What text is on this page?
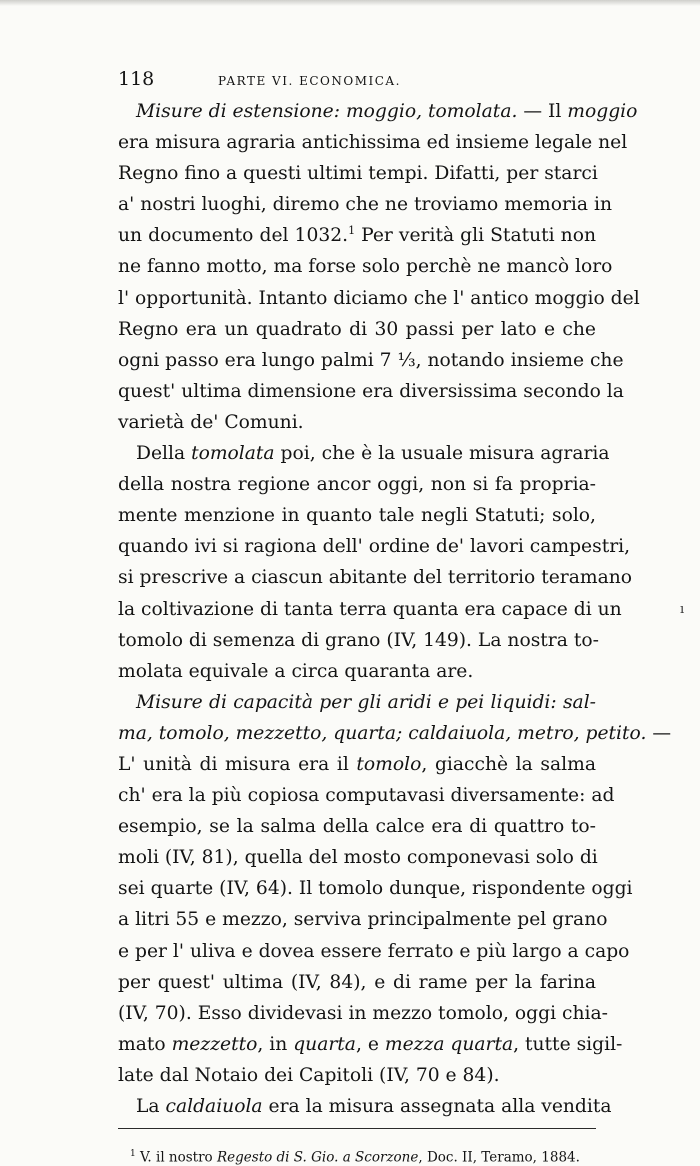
118	PARTE VI. ECONOMICA.
Misure di estensione: moggio, tomolata. — Il moggio
era misura agraria antichissima ed insieme legale nel
Regno fino a questi ultimi tempi. Difatti, per starci
a' nostri luoghi, diremo che ne troviamo memoria in
un documento del 1032.$^1$ Per verità gli Statuti non
ne fanno motto, ma forse solo perchè ne mancò loro
l' opportunità. Intanto diciamo che l' antico moggio del
Regno era un quadrato di 30 passi per lato e che
ogni passo era lungo palmi 7 ⅓, notando insieme che
quest' ultima dimensione era diversissima secondo la
varietà de' Comuni.
Della tomolata poi, che è la usuale misura agraria
della nostra regione ancor oggi, non si fa propria-
mente menzione in quanto tale negli Statuti; solo,
quando ivi si ragiona dell' ordine de' lavori campestri,
si prescrive a ciascun abitante del territorio teramano
la coltivazione di tanta terra quanta era capace di un
tomolo di semenza di grano (IV, 149). La nostra to-
molata equivale a circa quaranta are.
Misure di capacità per gli aridi e pei liquidi: sal-
ma, tomolo, mezzetto, quarta; caldaiuola, metro, petito. —
L' unità di misura era il tomolo, giacchè la salma
ch' era la più copiosa computavasi diversamente: ad
esempio, se la salma della calce era di quattro to-
moli (IV, 81), quella del mosto componevasi solo di
sei quarte (IV, 64). Il tomolo dunque, rispondente oggi
a litri 55 e mezzo, serviva principalmente pel grano
e per l' uliva e dovea essere ferrato e più largo a capo
per quest' ultima (IV, 84), e di rame per la farina
(IV, 70). Esso dividevasi in mezzo tomolo, oggi chia-
mato mezzetto, in quarta, e mezza quarta, tutte sigil-
late dal Notaio dei Capitoli (IV, 70 e 84).
La caldaiuola era la misura assegnata alla vendita
$^1$ V. il nostro Regesto di S. Gio. a Scorzone, Doc. II, Teramo, 1884.
ı
